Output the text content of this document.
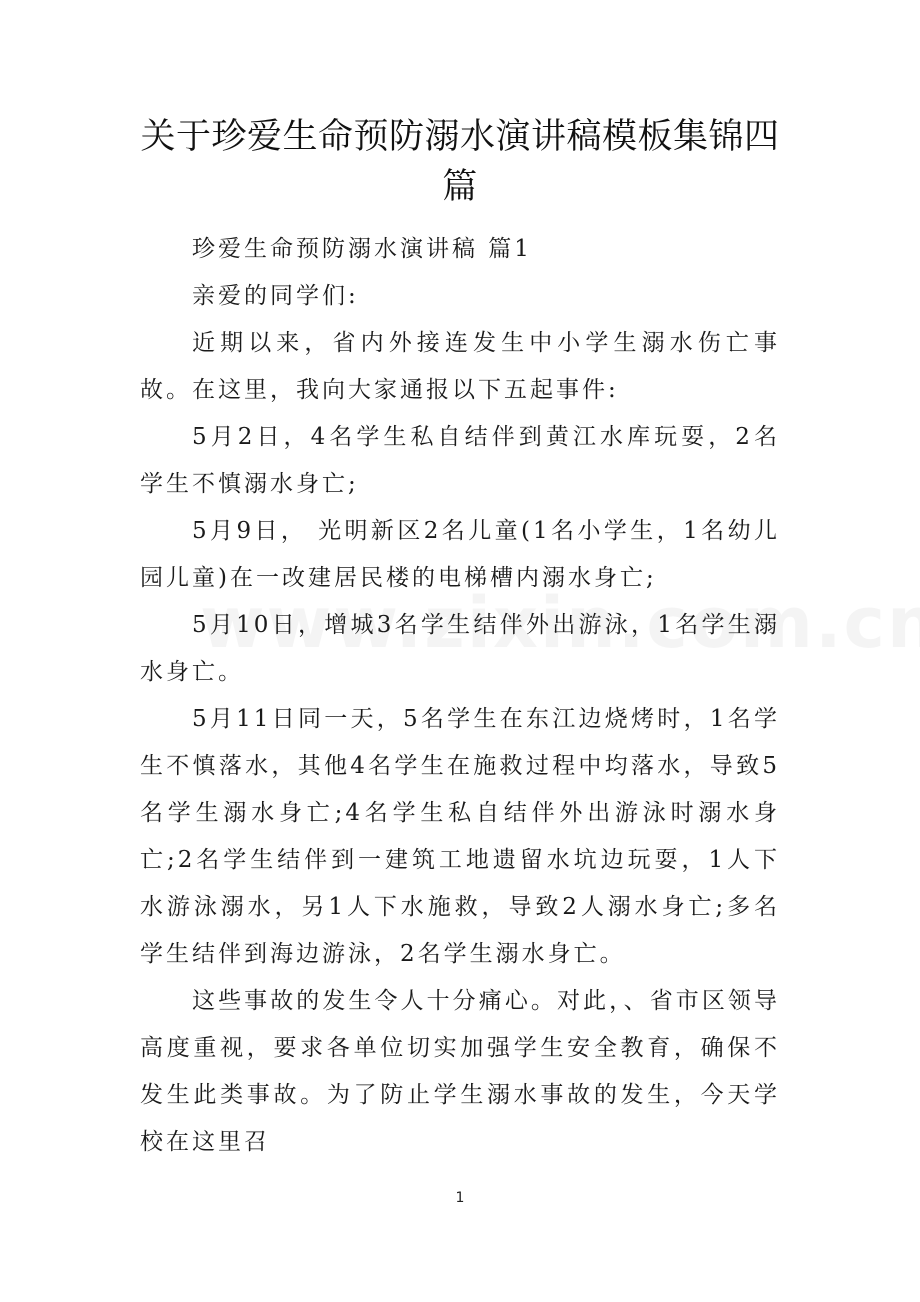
关于珍爱生命预防溺水演讲稿模板集锦四篇

珍爱生命预防溺水演讲稿 篇1

亲爱的同学们:

近期以来，省内外接连发生中小学生溺水伤亡事故。在这里，我向大家通报以下五起事件:

5月2日，4名学生私自结伴到黄江水库玩耍，2名学生不慎溺水身亡;

5月9日， 光明新区2名儿童(1名小学生，1名幼儿园儿童)在一改建居民楼的电梯槽内溺水身亡;

5月10日，增城3名学生结伴外出游泳，1名学生溺水身亡。

5月11日同一天，5名学生在东江边烧烤时，1名学生不慎落水，其他4名学生在施救过程中均落水，导致5名学生溺水身亡;4名学生私自结伴外出游泳时溺水身亡;2名学生结伴到一建筑工地遗留水坑边玩耍，1人下水游泳溺水，另1人下水施救，导致2人溺水身亡;多名学生结伴到海边游泳，2名学生溺水身亡。

这些事故的发生令人十分痛心。对此，、省市区领导高度重视，要求各单位切实加强学生安全教育，确保不发生此类事故。为了防止学生溺水事故的发生，今天学校在这里召

1
